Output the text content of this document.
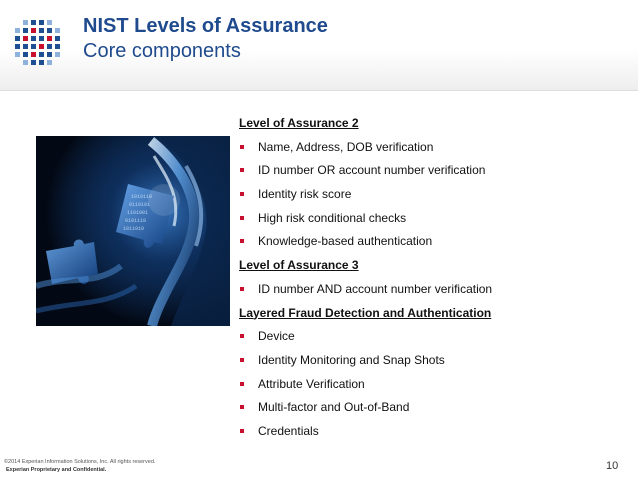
NIST Levels of Assurance
Core components
1010110
0110101
1101001
0101110
1011010
Level of Assurance 2
Name, Address, DOB verification
ID number OR account number verification
Identity risk score
High risk conditional checks
Knowledge-based authentication
Level of Assurance 3
ID number AND account number verification
Layered Fraud Detection and Authentication
Device
Identity Monitoring and Snap Shots
Attribute Verification
Multi-factor and Out-of-Band
Credentials
©2014 Experian Information Solutions, Inc. All rights reserved.
Experian Proprietary and Confidential.	10
